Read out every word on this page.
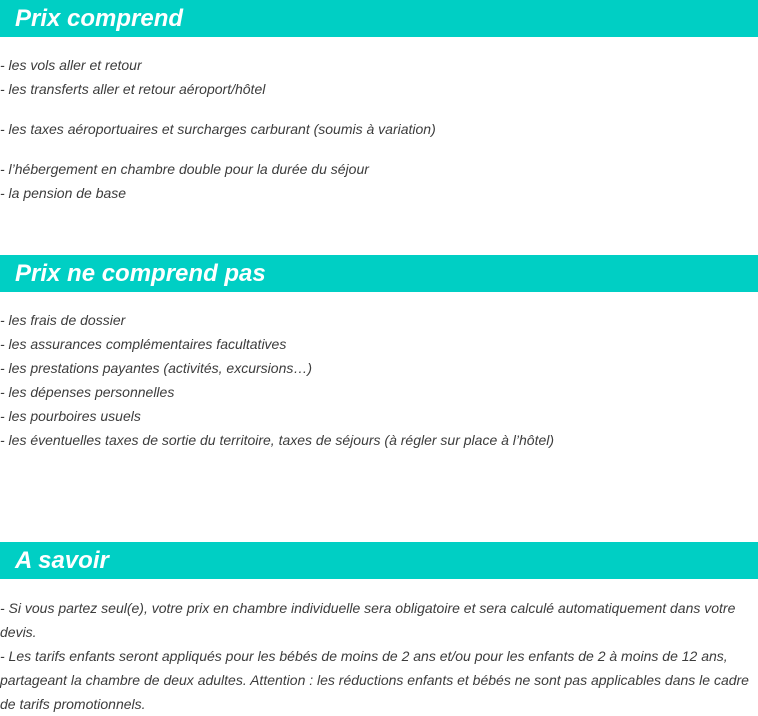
Prix comprend
- les vols aller et retour
- les transferts aller et retour aéroport/hôtel
- les taxes aéroportuaires et surcharges carburant (soumis à variation)
- l’hébergement en chambre double pour la durée du séjour
- la pension de base
Prix ne comprend pas
- les frais de dossier
- les assurances complémentaires facultatives
- les prestations payantes (activités, excursions…)
- les dépenses personnelles
- les pourboires usuels
- les éventuelles taxes de sortie du territoire, taxes de séjours (à régler sur place à l’hôtel)
A savoir

- Si vous partez seul(e), votre prix en chambre individuelle sera obligatoire et sera calculé automatiquement dans votre devis.

- Les tarifs enfants seront appliqués pour les bébés de moins de 2 ans et/ou pour les enfants de 2 à moins de 12 ans, partageant la chambre de deux adultes. Attention : les réductions enfants et bébés ne sont pas applicables dans le cadre de tarifs promotionnels.
